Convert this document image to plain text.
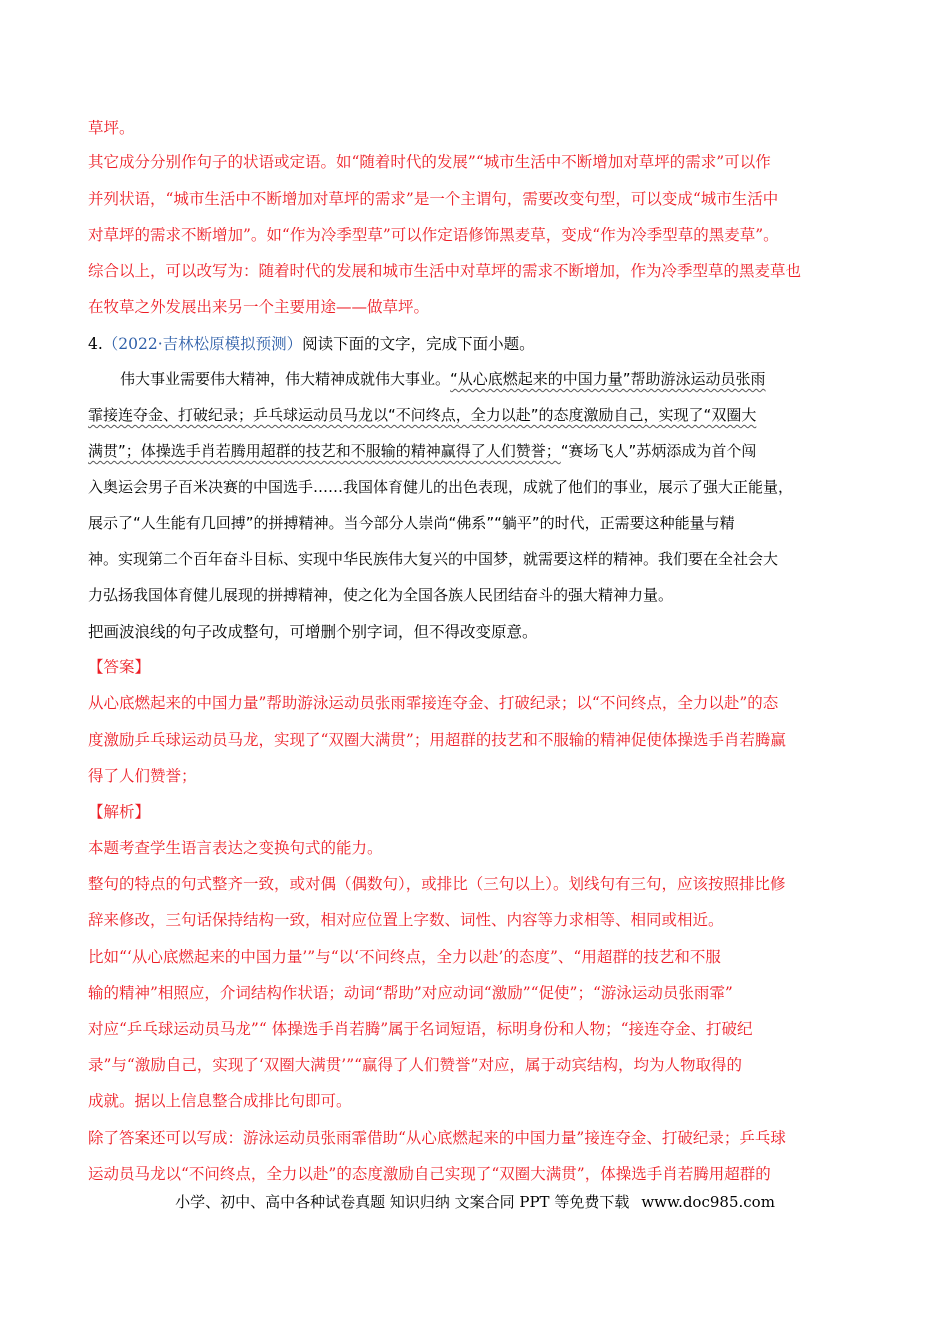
草坪。
其它成分分别作句子的状语或定语。如“随着时代的发展”“城市生活中不断增加对草坪的需求”可以作
并列状语，“城市生活中不断增加对草坪的需求”是一个主谓句，需要改变句型，可以变成“城市生活中
对草坪的需求不断增加”。如“作为冷季型草”可以作定语修饰黑麦草，变成“作为冷季型草的黑麦草”。
综合以上，可以改写为：随着时代的发展和城市生活中对草坪的需求不断增加，作为冷季型草的黑麦草也
在牧草之外发展出来另一个主要用途——做草坪。
4.（2022·吉林松原模拟预测）阅读下面的文字，完成下面小题。
伟大事业需要伟大精神，伟大精神成就伟大事业。“从心底燃起来的中国力量”帮助游泳运动员张雨
霏接连夺金、打破纪录；乒乓球运动员马龙以“不问终点，全力以赴”的态度激励自己，实现了“双圈大
满贯”；体操选手肖若腾用超群的技艺和不服输的精神赢得了人们赞誉；“赛场飞人”苏炳添成为首个闯
入奥运会男子百米决赛的中国选手……我国体育健儿的出色表现，成就了他们的事业，展示了强大正能量，
展示了“人生能有几回搏”的拼搏精神。当今部分人崇尚“佛系”“躺平”的时代，正需要这种能量与精
神。实现第二个百年奋斗目标、实现中华民族伟大复兴的中国梦，就需要这样的精神。我们要在全社会大
力弘扬我国体育健儿展现的拼搏精神，使之化为全国各族人民团结奋斗的强大精神力量。
把画波浪线的句子改成整句，可增删个别字词，但不得改变原意。
【答案】
从心底燃起来的中国力量”帮助游泳运动员张雨霏接连夺金、打破纪录；以“不问终点，全力以赴”的态
度激励乒乓球运动员马龙，实现了“双圈大满贯”；用超群的技艺和不服输的精神促使体操选手肖若腾赢
得了人们赞誉；
【解析】
本题考查学生语言表达之变换句式的能力。
整句的特点的句式整齐一致，或对偶（偶数句），或排比（三句以上）。划线句有三句，应该按照排比修
辞来修改，三句话保持结构一致，相对应位置上字数、词性、内容等力求相等、相同或相近。
比如“‘从心底燃起来的中国力量’”与“以‘不问终点，全力以赴’的态度”、“用超群的技艺和不服
输的精神”相照应，介词结构作状语；动词“帮助”对应动词“激励”“促使”；“游泳运动员张雨霏”
对应“乒乓球运动员马龙”“ 体操选手肖若腾”属于名词短语，标明身份和人物；“接连夺金、打破纪
录”与“激励自己，实现了‘双圈大满贯’”“赢得了人们赞誉”对应，属于动宾结构，均为人物取得的
成就。据以上信息整合成排比句即可。
除了答案还可以写成：游泳运动员张雨霏借助“从心底燃起来的中国力量”接连夺金、打破纪录；乒乓球
运动员马龙以“不问终点，全力以赴”的态度激励自己实现了“双圈大满贯”，体操选手肖若腾用超群的
小学、初中、高中各种试卷真题 知识归纳 文案合同 PPT 等免费下载 www.doc985.com
